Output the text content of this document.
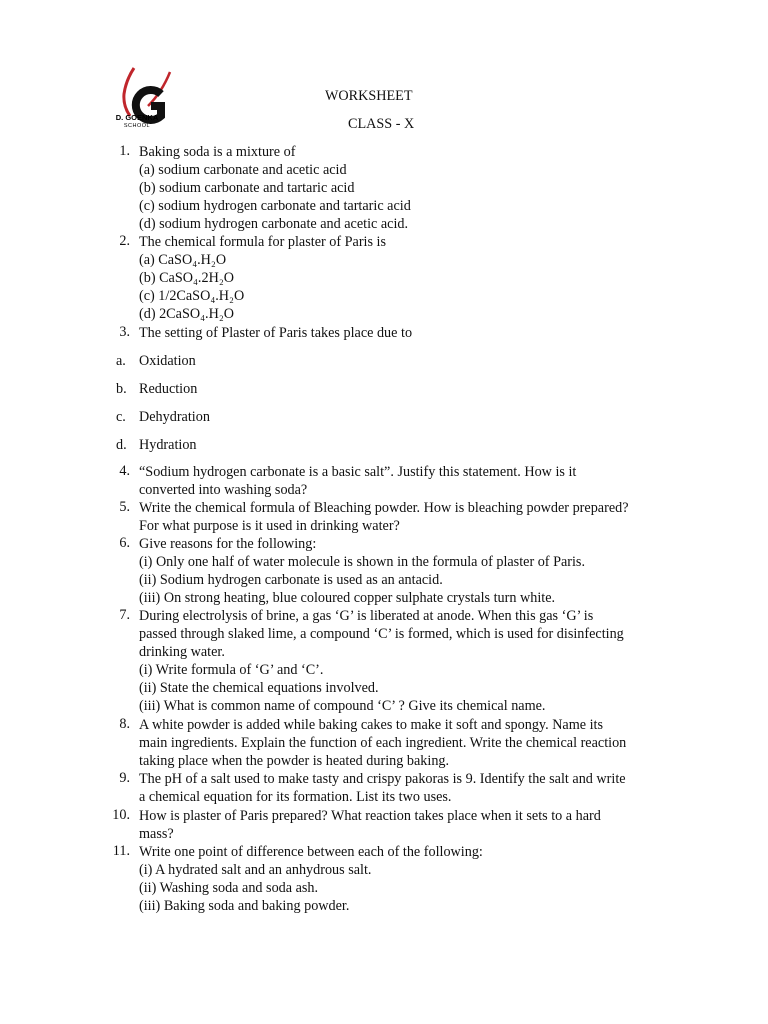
D. GOENKA
SCHOOL
WORKSHEET
CLASS - X
1. Baking soda is a mixture of
(a) sodium carbonate and acetic acid
(b) sodium carbonate and tartaric acid
(c) sodium hydrogen carbonate and tartaric acid
(d) sodium hydrogen carbonate and acetic acid.
2. The chemical formula for plaster of Paris is
(a) CaSO₄.H₂O
(b) CaSO₄.2H₂O
(c) 1/2CaSO₄.H₂O
(d) 2CaSO₄.H₂O
3. The setting of Plaster of Paris takes place due to
a. Oxidation
b. Reduction
c. Dehydration
d. Hydration
4. “Sodium hydrogen carbonate is a basic salt”. Justify this statement. How is it
converted into washing soda?
5. Write the chemical formula of Bleaching powder. How is bleaching powder prepared?
For what purpose is it used in drinking water?
6. Give reasons for the following:
(i) Only one half of water molecule is shown in the formula of plaster of Paris.
(ii) Sodium hydrogen carbonate is used as an antacid.
(iii) On strong heating, blue coloured copper sulphate crystals turn white.
7. During electrolysis of brine, a gas ‘G’ is liberated at anode. When this gas ‘G’ is
passed through slaked lime, a compound ‘C’ is formed, which is used for disinfecting
drinking water.
(i) Write formula of ‘G’ and ‘C’.
(ii) State the chemical equations involved.
(iii) What is common name of compound ‘C’ ? Give its chemical name.
8. A white powder is added while baking cakes to make it soft and spongy. Name its
main ingredients. Explain the function of each ingredient. Write the chemical reaction
taking place when the powder is heated during baking.
9. The pH of a salt used to make tasty and crispy pakoras is 9. Identify the salt and write
a chemical equation for its formation. List its two uses.
10. How is plaster of Paris prepared? What reaction takes place when it sets to a hard
mass?
11. Write one point of difference between each of the following:
(i) A hydrated salt and an anhydrous salt.
(ii) Washing soda and soda ash.
(iii) Baking soda and baking powder.
